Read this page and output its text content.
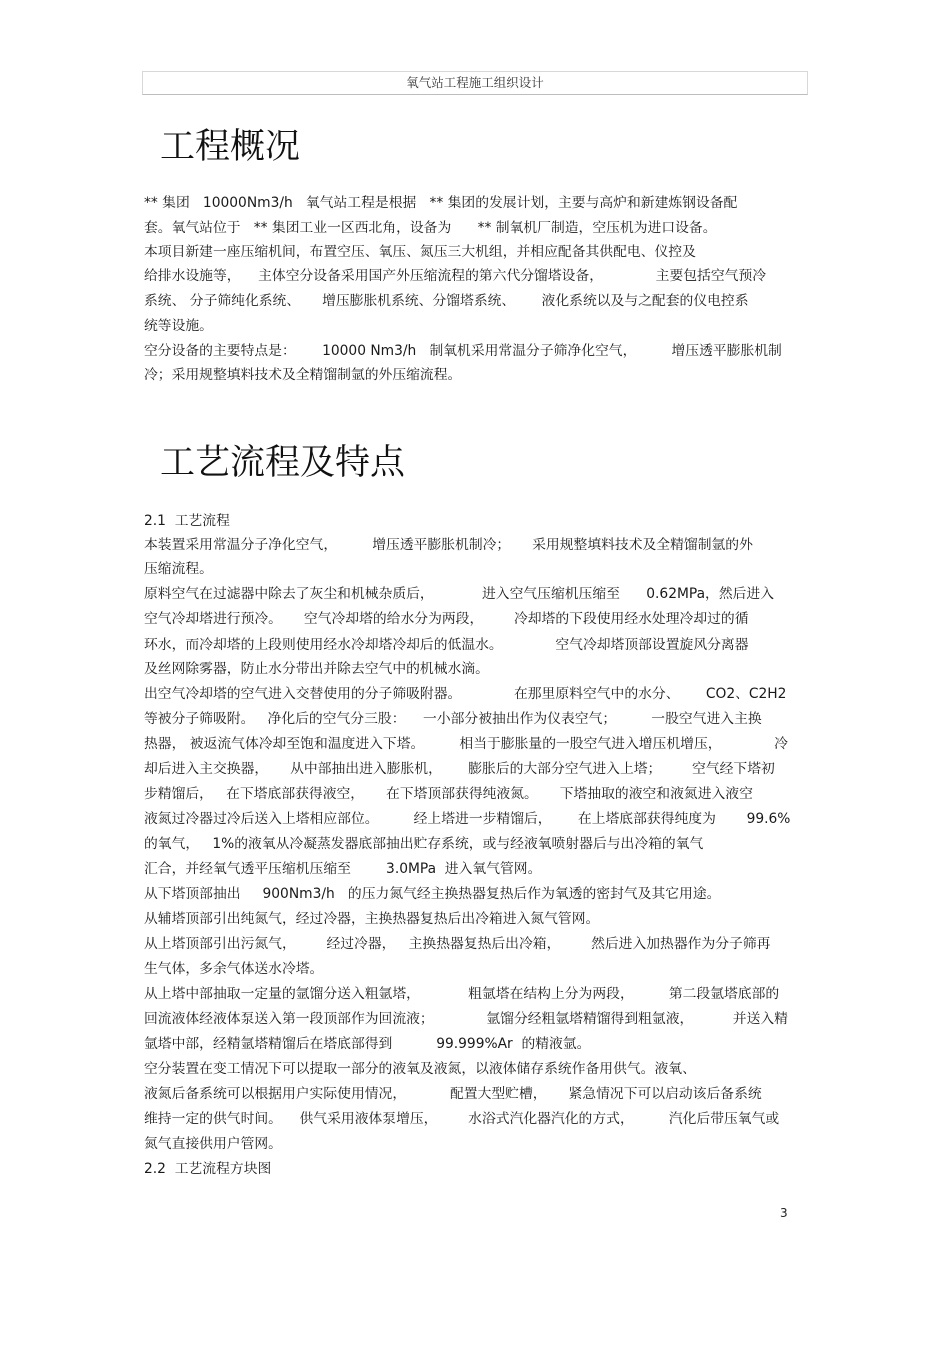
氧气站工程施工组织设计
工程概况
** 集团   10000Nm3/h   氧气站工程是根据   ** 集团的发展计划，主要与高炉和新建炼钢设备配
套。氧气站位于   ** 集团工业一区西北角，设备为      ** 制氧机厂制造，空压机为进口设备。
本项目新建一座压缩机间，布置空压、氧压、氮压三大机组，并相应配备其供配电、仪控及
给排水设施等，    主体空分设备采用国产外压缩流程的第六代分馏塔设备，            主要包括空气预冷
系统、 分子筛纯化系统、     增压膨胀机系统、分馏塔系统、      液化系统以及与之配套的仪电控系
统等设施。
空分设备的主要特点是：      10000 Nm3/h   制氧机采用常温分子筛净化空气，        增压透平膨胀机制
冷；采用规整填料技术及全精馏制氩的外压缩流程。
工艺流程及特点
2.1  工艺流程
本装置采用常温分子净化空气，        增压透平膨胀机制冷；     采用规整填料技术及全精馏制氩的外
压缩流程。
原料空气在过滤器中除去了灰尘和机械杂质后，           进入空气压缩机压缩至      0.62MPa，然后进入
空气冷却塔进行预冷。     空气冷却塔的给水分为两段，       冷却塔的下段使用经水处理冷却过的循
环水，而冷却塔的上段则使用经水冷却塔冷却后的低温水。            空气冷却塔顶部设置旋风分离器
及丝网除雾器，防止水分带出并除去空气中的机械水滴。
出空气冷却塔的空气进入交替使用的分子筛吸附器。            在那里原料空气中的水分、      CO2、C2H2
等被分子筛吸附。   净化后的空气分三股：    一小部分被抽出作为仪表空气；        一股空气进入主换
热器， 被返流气体冷却至饱和温度进入下塔。        相当于膨胀量的一股空气进入增压机增压，            冷
却后进入主交换器，     从中部抽出进入膨胀机，      膨胀后的大部分空气进入上塔；       空气经下塔初
步精馏后，   在下塔底部获得液空，     在下塔顶部获得纯液氮。     下塔抽取的液空和液氮进入液空
液氮过冷器过冷后送入上塔相应部位。        经上塔进一步精馏后，      在上塔底部获得纯度为       99.6%
的氧气，   1%的液氧从冷凝蒸发器底部抽出贮存系统，或与经液氧喷射器后与出冷箱的氧气
汇合，并经氧气透平压缩机压缩至        3.0MPa  进入氧气管网。
从下塔顶部抽出     900Nm3/h   的压力氮气经主换热器复热后作为氧透的密封气及其它用途。
从辅塔顶部引出纯氮气，经过冷器，主换热器复热后出冷箱进入氮气管网。
从上塔顶部引出污氮气，       经过冷器，   主换热器复热后出冷箱，       然后进入加热器作为分子筛再
生气体，多余气体送水冷塔。
从上塔中部抽取一定量的氩馏分送入粗氩塔，           粗氩塔在结构上分为两段，        第二段氩塔底部的
回流液体经液体泵送入第一段顶部作为回流液；            氩馏分经粗氩塔精馏得到粗氩液，         并送入精
氩塔中部，经精氩塔精馏后在塔底部得到          99.999%Ar  的精液氩。
空分装置在变工情况下可以提取一部分的液氧及液氮，以液体储存系统作备用供气。液氧、
液氮后备系统可以根据用户实际使用情况，          配置大型贮槽，     紧急情况下可以启动该后备系统
维持一定的供气时间。    供气采用液体泵增压，       水浴式汽化器汽化的方式，        汽化后带压氧气或
氮气直接供用户管网。
2.2  工艺流程方块图
3
